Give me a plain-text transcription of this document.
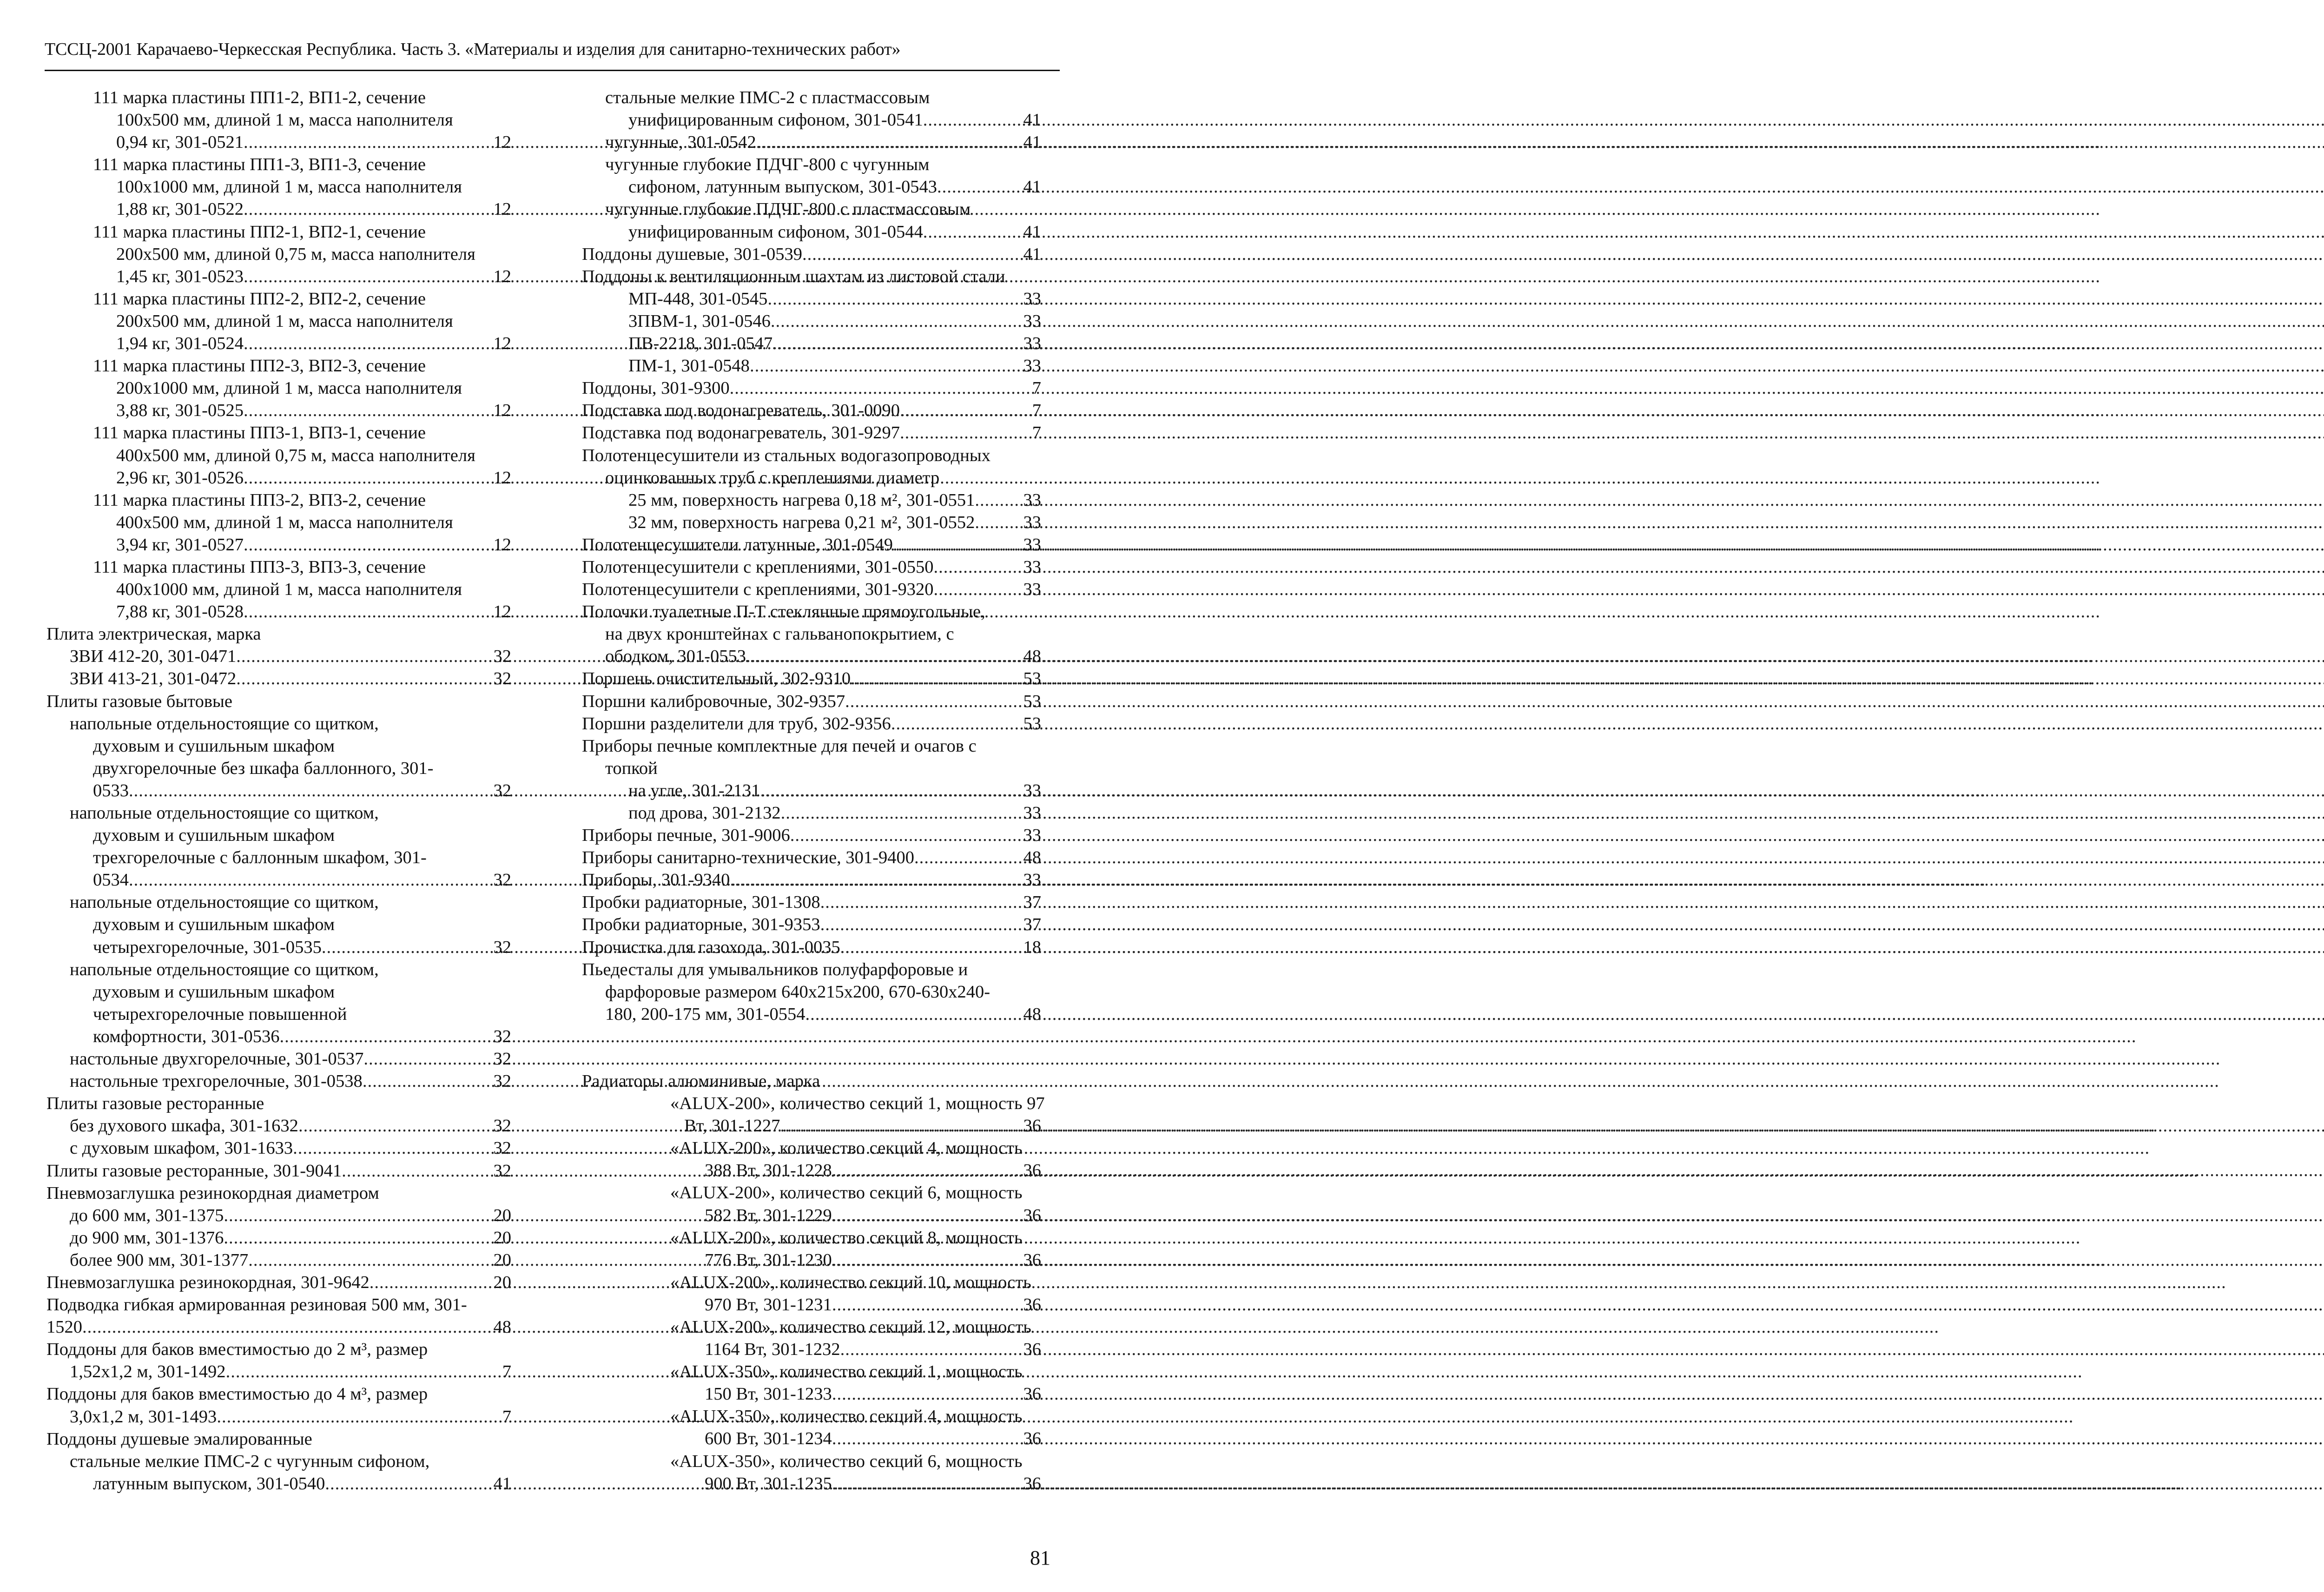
ТССЦ-2001 Карачаево-Черкесская Республика. Часть 3. «Материалы и изделия для санитарно-технических работ»
111 марка пластины ПП1-2, ВП1-2, сечение
100х500 мм, длиной 1 м, масса наполнителя
0,94 кг, 301-0521 .....	12
111 марка пластины ПП1-3, ВП1-3, сечение
100х1000 мм, длиной 1 м, масса наполнителя
1,88 кг, 301-0522 .....	12
111 марка пластины ПП2-1, ВП2-1, сечение
200х500 мм, длиной 0,75 м, масса наполнителя
1,45 кг, 301-0523 .....	12
111 марка пластины ПП2-2, ВП2-2, сечение
200х500 мм, длиной 1 м, масса наполнителя
1,94 кг, 301-0524 .....	12
111 марка пластины ПП2-3, ВП2-3, сечение
200х1000 мм, длиной 1 м, масса наполнителя
3,88 кг, 301-0525 .....	12
111 марка пластины ПП3-1, ВП3-1, сечение
400х500 мм, длиной 0,75 м, масса наполнителя
2,96 кг, 301-0526 .....	12
111 марка пластины ПП3-2, ВП3-2, сечение
400х500 мм, длиной 1 м, масса наполнителя
3,94 кг, 301-0527 .....	12
111 марка пластины ПП3-3, ВП3-3, сечение
400х1000 мм, длиной 1 м, масса наполнителя
7,88 кг, 301-0528 .....	12
Плита электрическая, марка
ЗВИ 412-20, 301-0471 .....	32
ЗВИ 413-21, 301-0472 .....	32
Плиты газовые бытовые
напольные отдельностоящие со щитком,
духовым и сушильным шкафом
двухгорелочные без шкафа баллонного, 301-
0533 .....	32
напольные отдельностоящие со щитком,
духовым и сушильным шкафом
трехгорелочные с баллонным шкафом, 301-
0534 .....	32
напольные отдельностоящие со щитком,
духовым и сушильным шкафом
четырехгорелочные, 301-0535 .....	32
напольные отдельностоящие со щитком,
духовым и сушильным шкафом
четырехгорелочные повышенной
комфортности, 301-0536 .....	32
настольные двухгорелочные, 301-0537 .....	32
настольные трехгорелочные, 301-0538 .....	32
Плиты газовые ресторанные
без духового шкафа, 301-1632 .....	32
с духовым шкафом, 301-1633 .....	32
Плиты газовые ресторанные, 301-9041 .....	32
Пневмозаглушка резинокордная диаметром
до 600 мм, 301-1375 .....	20
до 900 мм, 301-1376 .....	20
более 900 мм, 301-1377 .....	20
Пневмозаглушка резинокордная, 301-9642 .....	20
Подводка гибкая армированная резиновая 500 мм, 301-
1520 .....	48
Поддоны для баков вместимостью до 2 м³, размер
1,52х1,2 м, 301-1492 .....	7
Поддоны для баков вместимостью до 4 м³, размер
3,0х1,2 м, 301-1493 .....	7
Поддоны душевые эмалированные
стальные мелкие ПМС-2 с чугунным сифоном,
латунным выпуском, 301-0540 .....	41
стальные мелкие ПМС-2 с пластмассовым
унифицированным сифоном, 301-0541 .....	41
чугунные, 301-0542 .....	41
чугунные глубокие ПДЧГ-800 с чугунным
сифоном, латунным выпуском, 301-0543 .....	41
чугунные глубокие ПДЧГ-800 с пластмассовым
унифицированным сифоном, 301-0544 .....	41
Поддоны душевые, 301-0539 .....	41
Поддоны к вентиляционным шахтам из листовой стали
МП-448, 301-0545 .....	33
3ПВМ-1, 301-0546 .....	33
ПВ-2218, 301-0547 .....	33
ПМ-1, 301-0548 .....	33
Поддоны, 301-9300 .....	7
Подставка под водонагреватель, 301-0090 .....	7
Подставка под водонагреватель, 301-9297 .....	7
Полотенцесушители из стальных водогазопроводных
оцинкованных труб с креплениями диаметр
25 мм, поверхность нагрева 0,18 м², 301-0551 .....	33
32 мм, поверхность нагрева 0,21 м², 301-0552 .....	33
Полотенцесушители латунные, 301-0549 .....	33
Полотенцесушители с креплениями, 301-0550 .....	33
Полотенцесушители с креплениями, 301-9320 .....	33
Полочки туалетные П-Т стеклянные прямоугольные,
на двух кронштейнах с гальванопокрытием, с
ободком, 301-0553 .....	48
Поршень очистительный, 302-9310 .....	53
Поршни калибровочные, 302-9357 .....	53
Поршни разделители для труб, 302-9356 .....	53
Приборы печные комплектные для печей и очагов с
топкой
на угле, 301-2131 .....	33
под дрова, 301-2132 .....	33
Приборы печные, 301-9006 .....	33
Приборы санитарно-технические, 301-9400 .....	48
Приборы, 301-9340 .....	33
Пробки радиаторные, 301-1308 .....	37
Пробки радиаторные, 301-9353 .....	37
Прочистка для газохода, 301-0035 .....	18
Пьедесталы для умывальников полуфарфоровые и
фарфоровые размером 640х215х200, 670-630х240-
180, 200-175 мм, 301-0554 .....	48
Радиаторы алюминивые, марка
«ALUX-200», количество секций 1, мощность 97
Вт, 301-1227 .....	36
«ALUX-200», количество секций 4, мощность
388 Вт, 301-1228 .....	36
«ALUX-200», количество секций 6, мощность
582 Вт, 301-1229 .....	36
«ALUX-200», количество секций 8, мощность
776 Вт, 301-1230 .....	36
«ALUX-200», количество секций 10, мощность
970 Вт, 301-1231 .....	36
«ALUX-200», количество секций 12, мощность
1164 Вт, 301-1232 .....	36
«ALUX-350», количество секций 1, мощность
150 Вт, 301-1233 .....	36
«ALUX-350», количество секций 4, мощность
600 Вт, 301-1234 .....	36
«ALUX-350», количество секций 6, мощность
900 Вт, 301-1235 .....	36
81
